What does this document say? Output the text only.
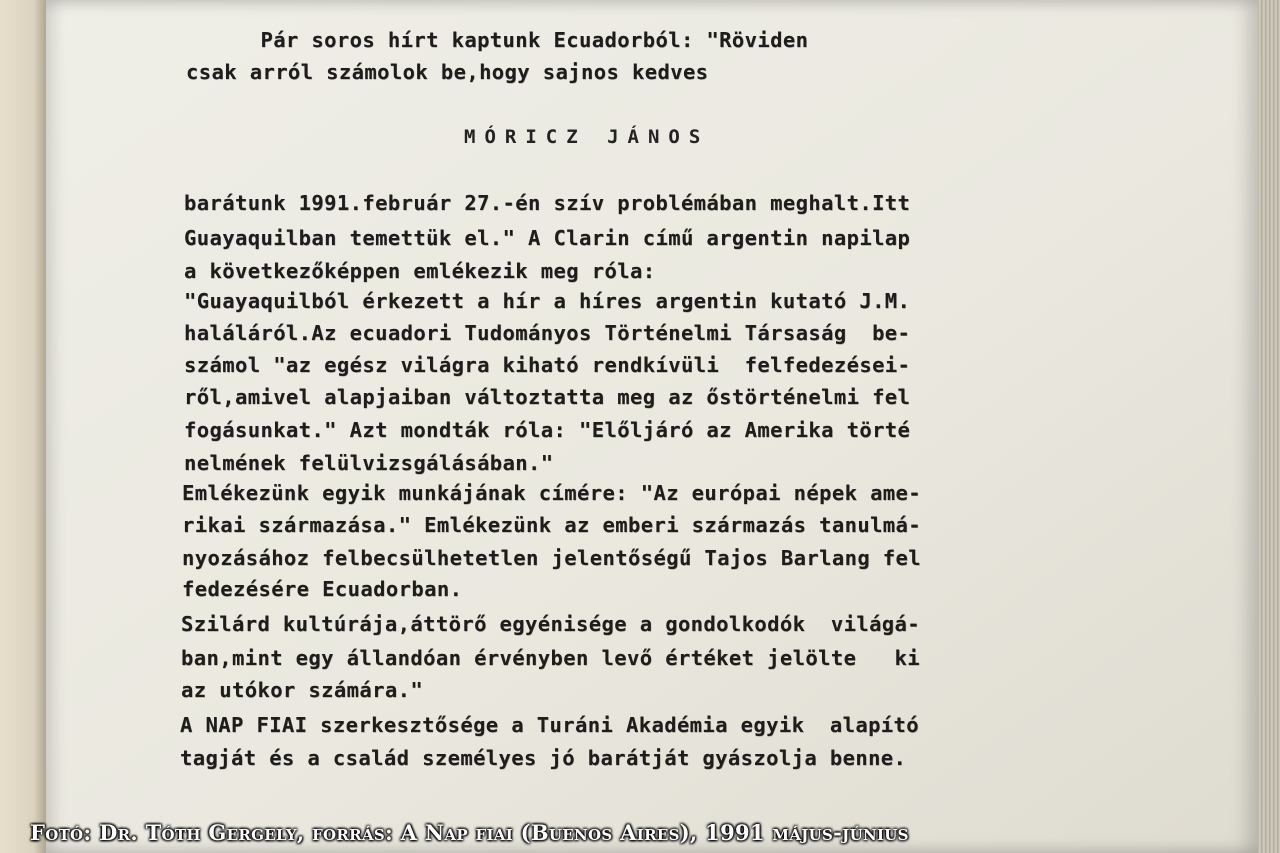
Pár soros hírt kaptunk Ecuadorból: "Röviden

csak arról számolok be,hogy sajnos kedves

MÓRICZ JÁNOS

barátunk 1991.február 27.-én szív problémában meghalt.Itt

Guayaquilban temettük el." A Clarin című argentin napilap

a következőképpen emlékezik meg róla:

"Guayaquilból érkezett a hír a híres argentin kutató J.M.

haláláról.Az ecuadori Tudományos Történelmi Társaság  be-

számol "az egész világra kiható rendkívüli  felfedezései-

ről,amivel alapjaiban változtatta meg az őstörténelmi fel

fogásunkat." Azt mondták róla: "Előljáró az Amerika törté

nelmének felülvizsgálásában."

Emlékezünk egyik munkájának címére: "Az európai népek ame-

rikai származása." Emlékezünk az emberi származás tanulmá-

nyozásához felbecsülhetetlen jelentőségű Tajos Barlang fel

fedezésére Ecuadorban.

Szilárd kultúrája,áttörő egyénisége a gondolkodók  világá-

ban,mint egy állandóan érvényben levő értéket jelölte   ki

az utókor számára."

A NAP FIAI szerkesztősége a Turáni Akadémia egyik  alapító

tagját és a család személyes jó barátját gyászolja benne.

Fotó: Dr. Tóth Gergely, forrás: A Nap fiai (Buenos Aires), 1991 május-június
